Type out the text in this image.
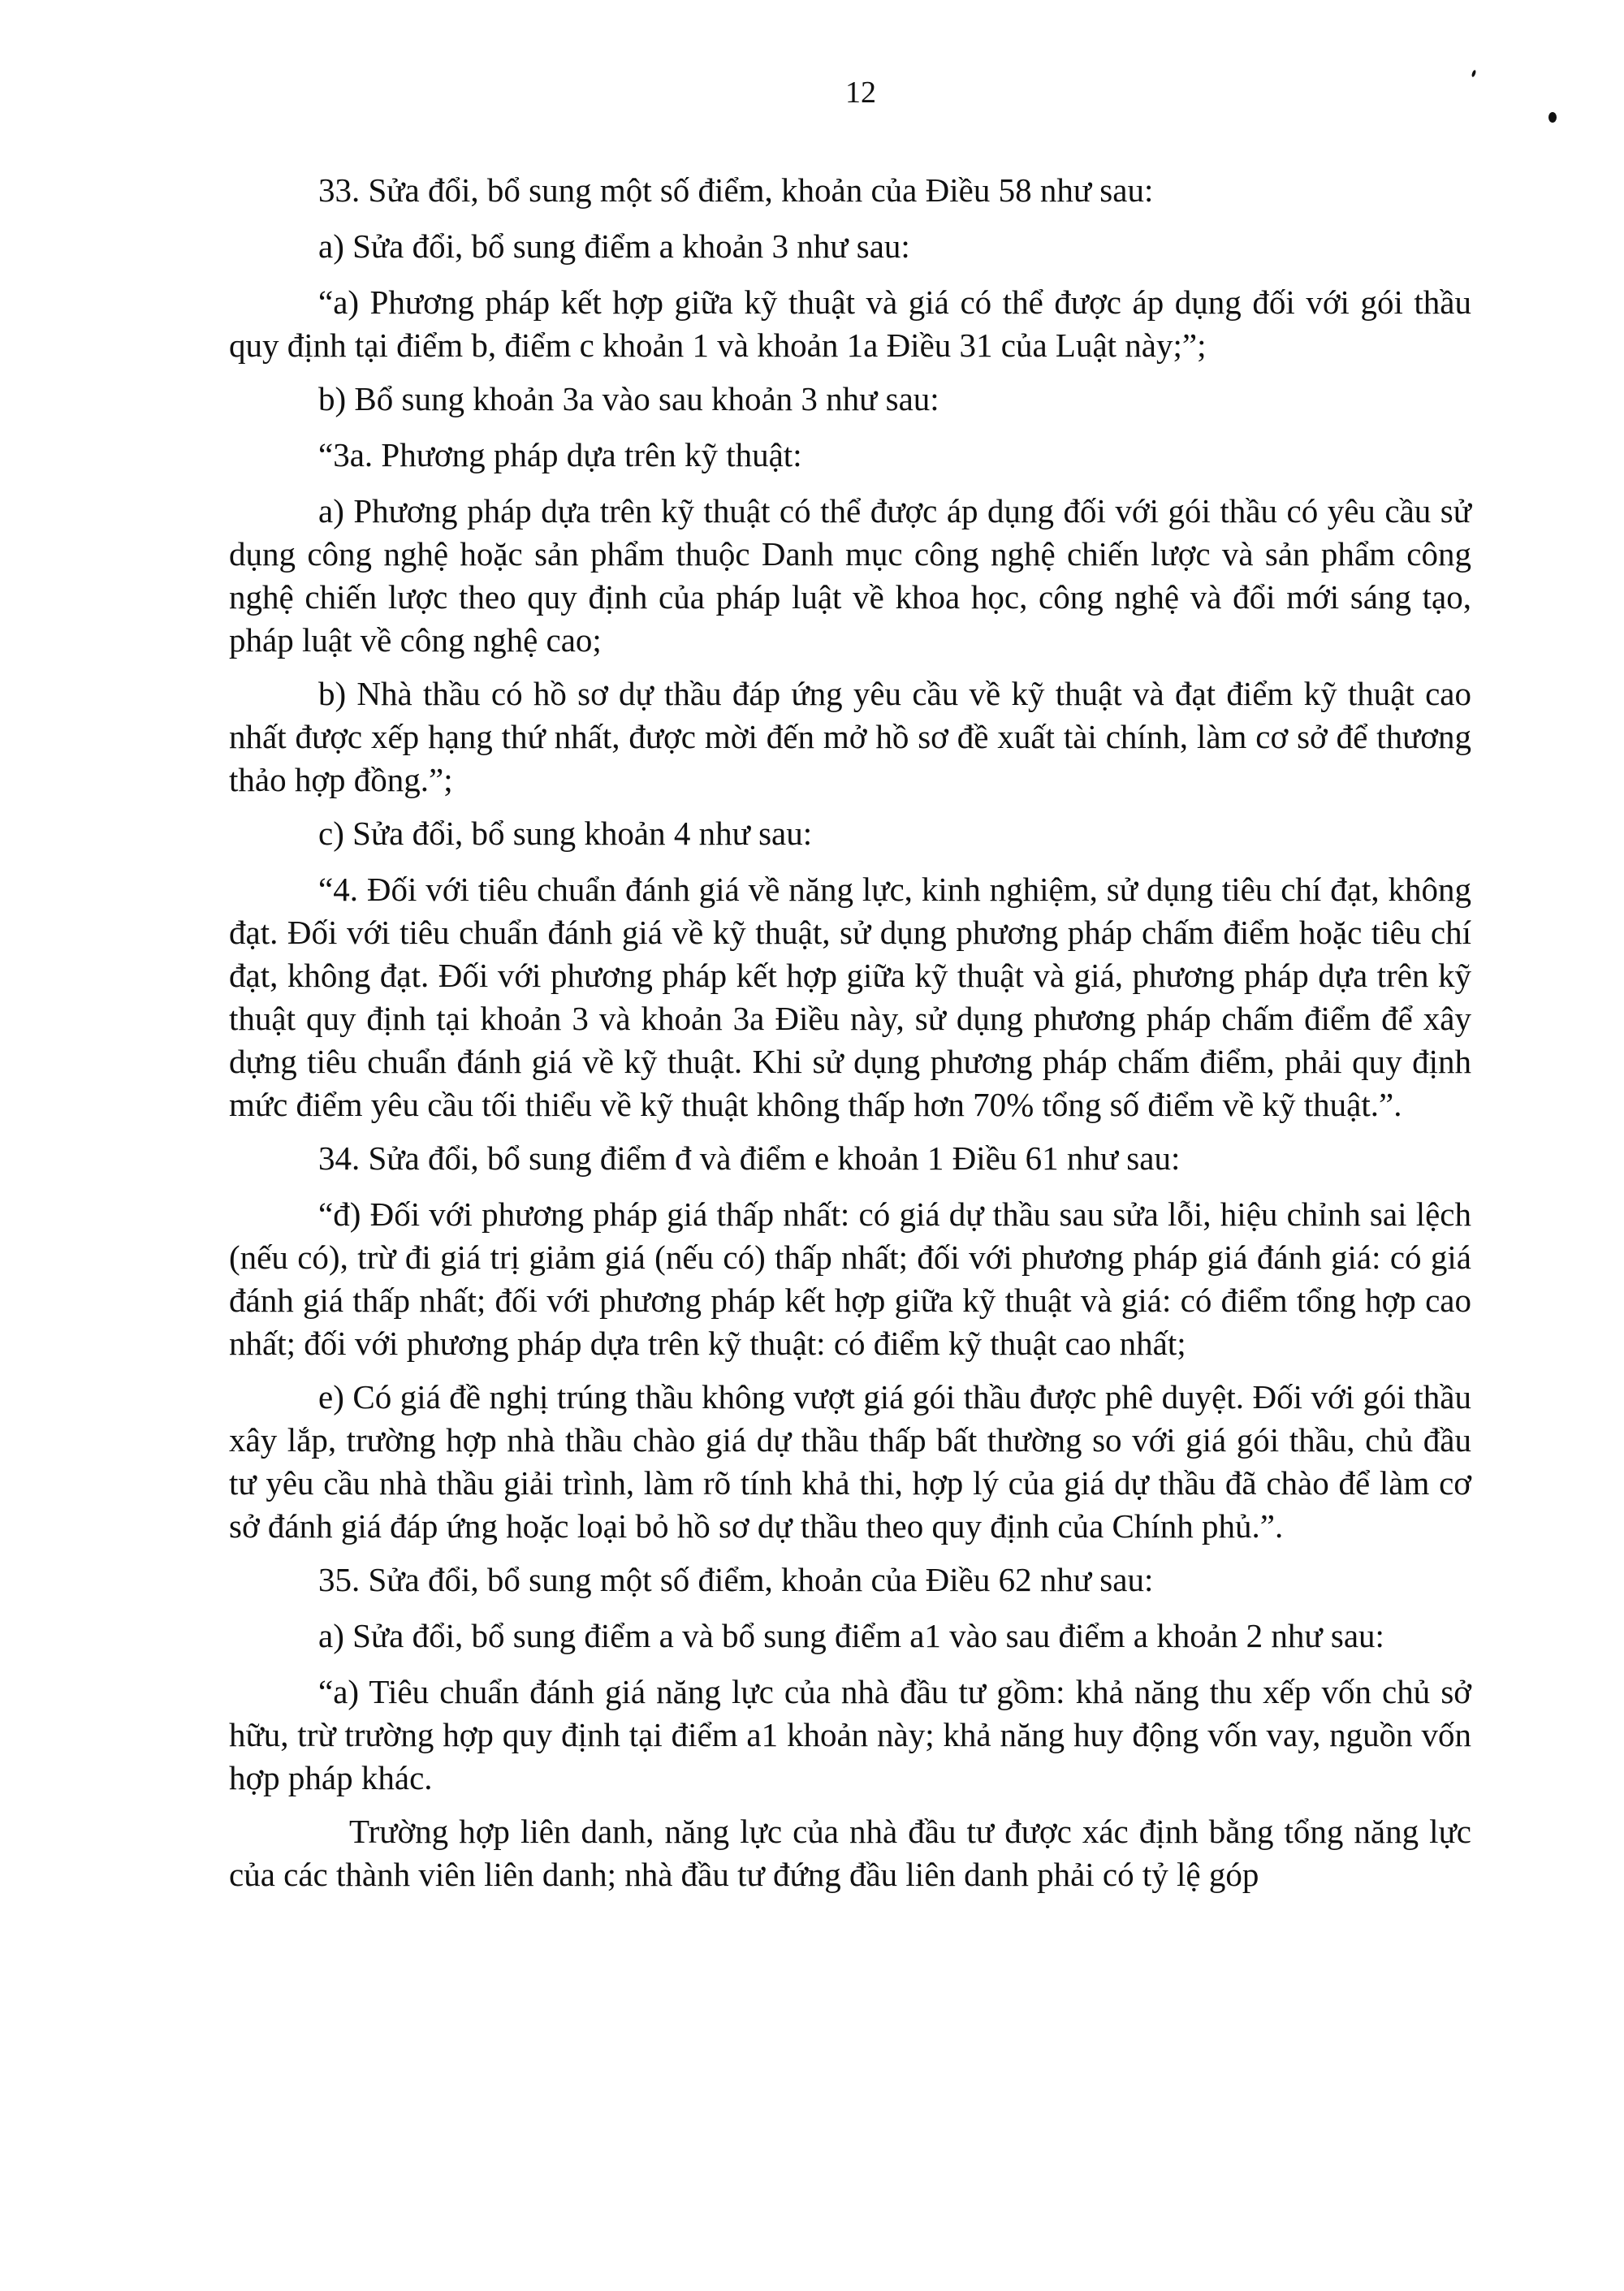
12

33. Sửa đổi, bổ sung một số điểm, khoản của Điều 58 như sau:

a) Sửa đổi, bổ sung điểm a khoản 3 như sau:

“a) Phương pháp kết hợp giữa kỹ thuật và giá có thể được áp dụng đối với gói thầu quy định tại điểm b, điểm c khoản 1 và khoản 1a Điều 31 của Luật này;”;

b) Bổ sung khoản 3a vào sau khoản 3 như sau:

“3a. Phương pháp dựa trên kỹ thuật:

a) Phương pháp dựa trên kỹ thuật có thể được áp dụng đối với gói thầu có yêu cầu sử dụng công nghệ hoặc sản phẩm thuộc Danh mục công nghệ chiến lược và sản phẩm công nghệ chiến lược theo quy định của pháp luật về khoa học, công nghệ và đổi mới sáng tạo, pháp luật về công nghệ cao;

b) Nhà thầu có hồ sơ dự thầu đáp ứng yêu cầu về kỹ thuật và đạt điểm kỹ thuật cao nhất được xếp hạng thứ nhất, được mời đến mở hồ sơ đề xuất tài chính, làm cơ sở để thương thảo hợp đồng.”;

c) Sửa đổi, bổ sung khoản 4 như sau:

“4. Đối với tiêu chuẩn đánh giá về năng lực, kinh nghiệm, sử dụng tiêu chí đạt, không đạt. Đối với tiêu chuẩn đánh giá về kỹ thuật, sử dụng phương pháp chấm điểm hoặc tiêu chí đạt, không đạt. Đối với phương pháp kết hợp giữa kỹ thuật và giá, phương pháp dựa trên kỹ thuật quy định tại khoản 3 và khoản 3a Điều này, sử dụng phương pháp chấm điểm để xây dựng tiêu chuẩn đánh giá về kỹ thuật. Khi sử dụng phương pháp chấm điểm, phải quy định mức điểm yêu cầu tối thiểu về kỹ thuật không thấp hơn 70% tổng số điểm về kỹ thuật.”.

34. Sửa đổi, bổ sung điểm đ và điểm e khoản 1 Điều 61 như sau:

“đ) Đối với phương pháp giá thấp nhất: có giá dự thầu sau sửa lỗi, hiệu chỉnh sai lệch (nếu có), trừ đi giá trị giảm giá (nếu có) thấp nhất; đối với phương pháp giá đánh giá: có giá đánh giá thấp nhất; đối với phương pháp kết hợp giữa kỹ thuật và giá: có điểm tổng hợp cao nhất; đối với phương pháp dựa trên kỹ thuật: có điểm kỹ thuật cao nhất;

e) Có giá đề nghị trúng thầu không vượt giá gói thầu được phê duyệt. Đối với gói thầu xây lắp, trường hợp nhà thầu chào giá dự thầu thấp bất thường so với giá gói thầu, chủ đầu tư yêu cầu nhà thầu giải trình, làm rõ tính khả thi, hợp lý của giá dự thầu đã chào để làm cơ sở đánh giá đáp ứng hoặc loại bỏ hồ sơ dự thầu theo quy định của Chính phủ.”.

35. Sửa đổi, bổ sung một số điểm, khoản của Điều 62 như sau:

a) Sửa đổi, bổ sung điểm a và bổ sung điểm a1 vào sau điểm a khoản 2 như sau:

“a) Tiêu chuẩn đánh giá năng lực của nhà đầu tư gồm: khả năng thu xếp vốn chủ sở hữu, trừ trường hợp quy định tại điểm a1 khoản này; khả năng huy động vốn vay, nguồn vốn hợp pháp khác.

Trường hợp liên danh, năng lực của nhà đầu tư được xác định bằng tổng năng lực của các thành viên liên danh; nhà đầu tư đứng đầu liên danh phải có tỷ lệ góp
